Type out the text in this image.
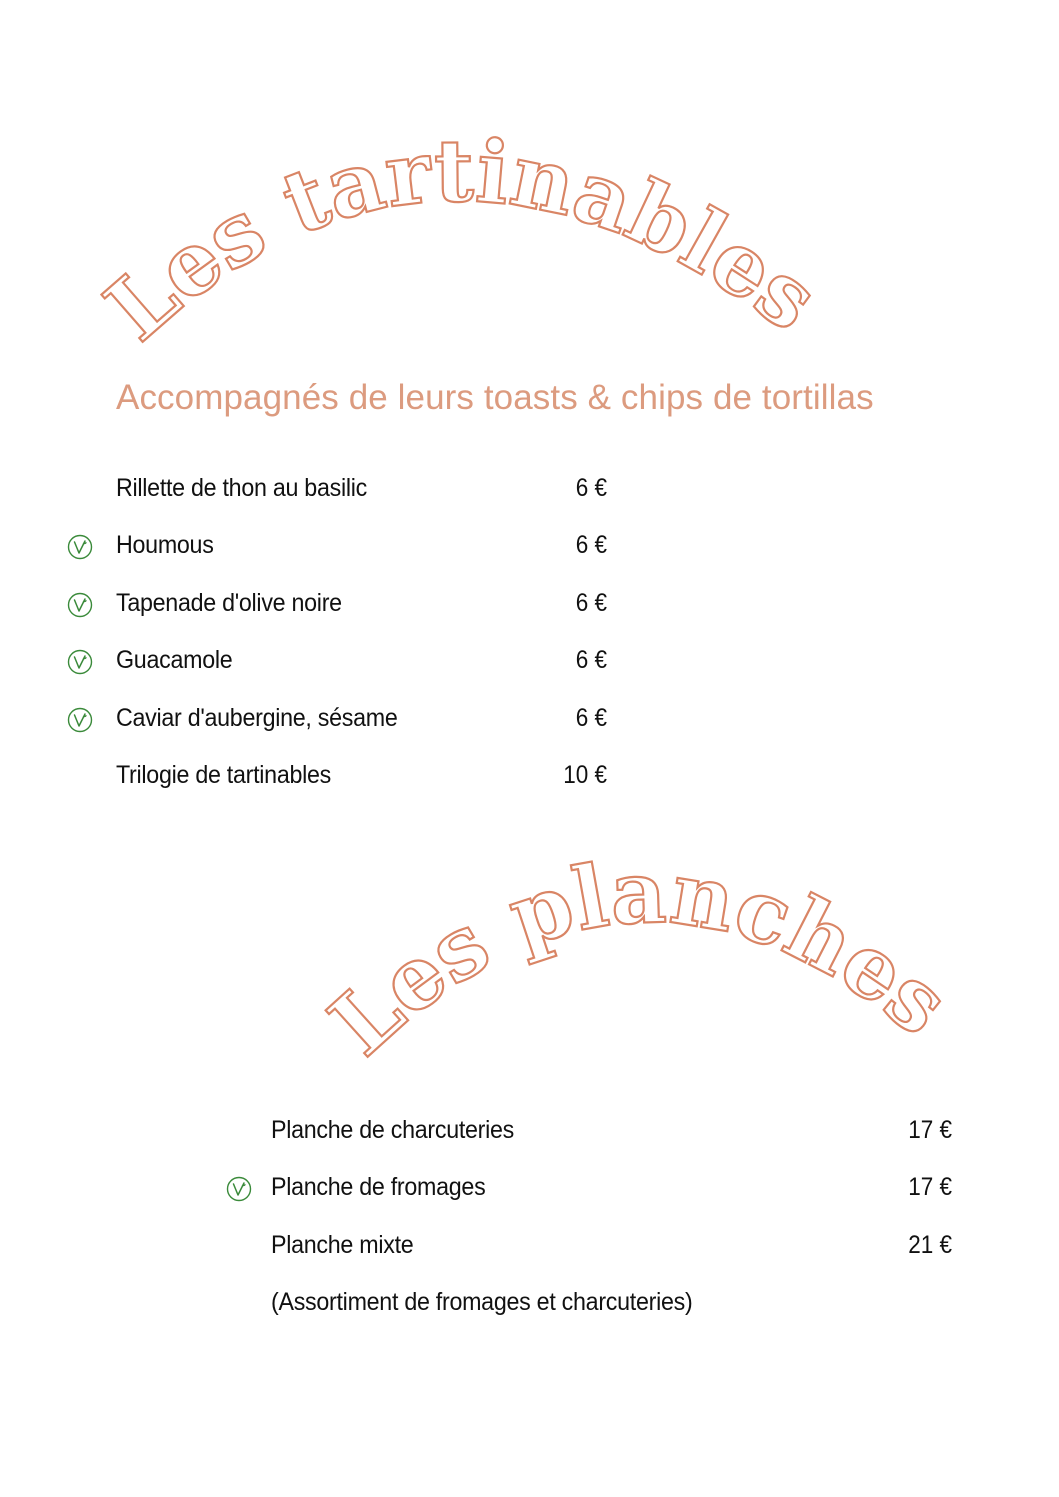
Les tartinables
Les planches
Accompagnés de leurs toasts & chips de tortillas
Rillette de thon au basilic	6 €
Houmous	6 €
Tapenade d'olive noire	6 €
Guacamole	6 €
Caviar d'aubergine, sésame	6 €
Trilogie de tartinables	10 €
Planche de charcuteries	17 €
Planche de fromages	17 €
Planche mixte	21 €
(Assortiment de fromages et charcuteries)
